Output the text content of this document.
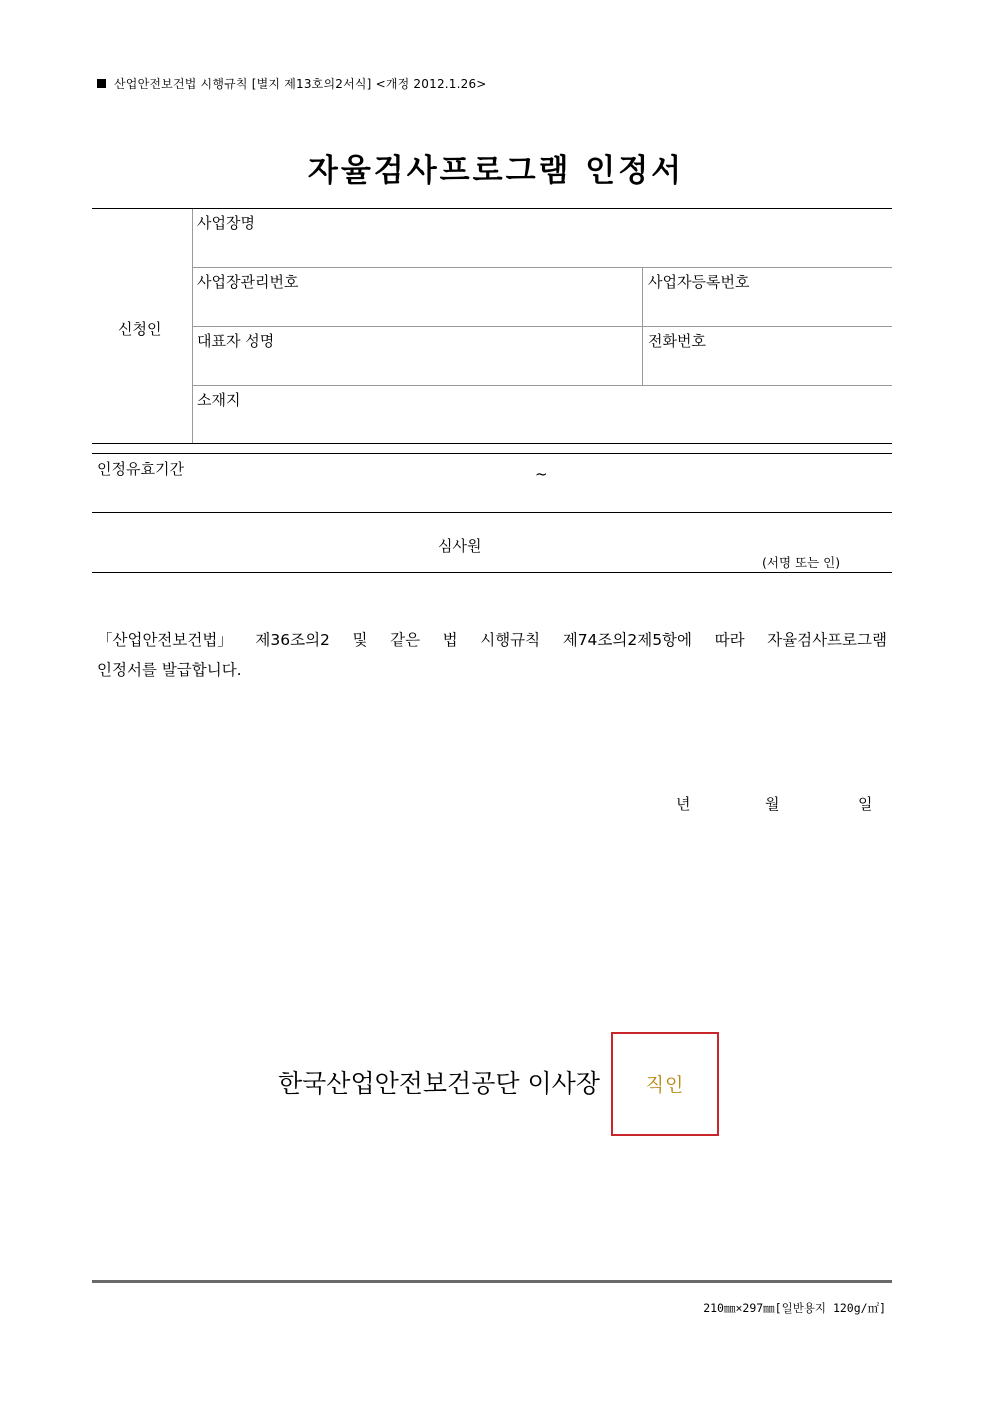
산업안전보건법 시행규칙 [별지 제13호의2서식] <개정 2012.1.26>
자율검사프로그램 인정서
신청인
사업장명
사업장관리번호	사업자등록번호
대표자 성명	전화번호
소재지
인정유효기간	~
심사원
(서명 또는 인)
「산업안전보건법」 제36조의2 및 같은 법 시행규칙 제74조의2제5항에 따라 자율검사프로그램
인정서를 발급합니다.
년	월	일
한국산업안전보건공단 이사장	직인
210㎜×297㎜[일반용지 120g/㎡]
